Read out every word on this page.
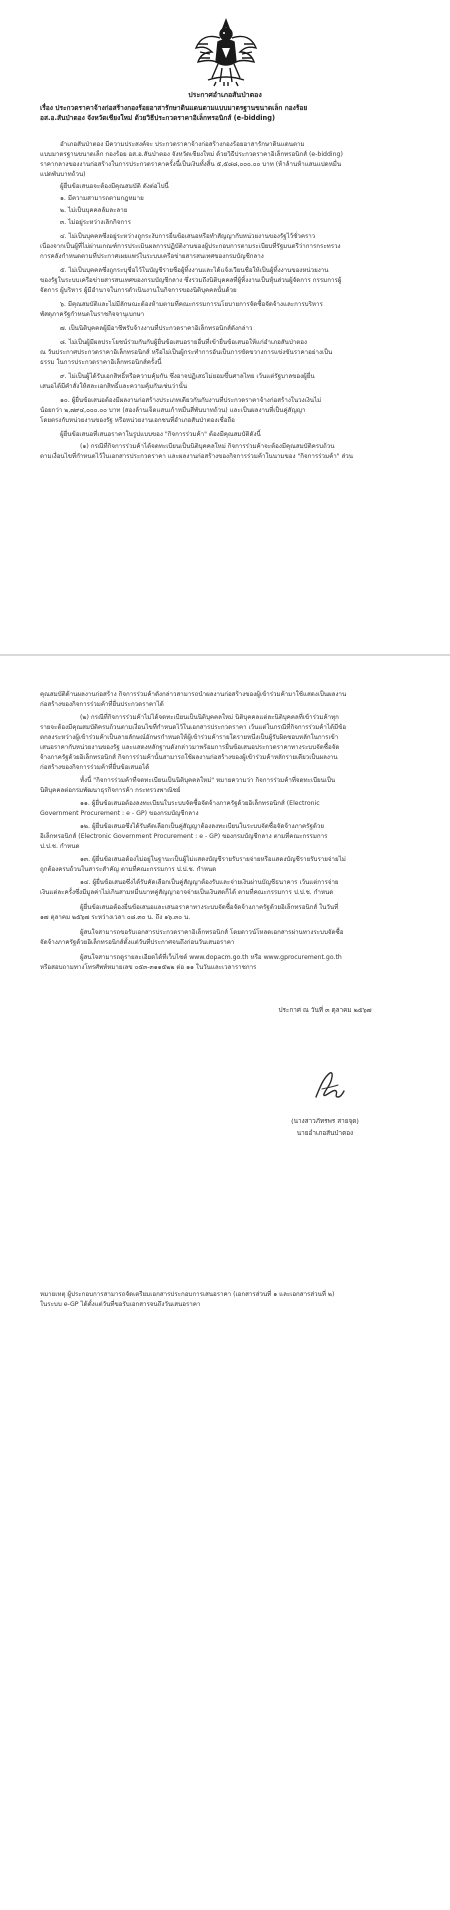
ประกาศอำเภอสันป่าตอง
เรื่อง ประกวดราคาจ้างก่อสร้างกองร้อยอาสารักษาดินแดนตามแบบมาตรฐานขนาดเล็ก กองร้อย
อส.อ.สันป่าตอง จังหวัดเชียงใหม่ ด้วยวิธีประกวดราคาอิเล็กทรอนิกส์ (e-bidding)
อำเภอสันป่าตอง มีความประสงค์จะ ประกวดราคาจ้างก่อสร้างกองร้อยอาสารักษาดินแดนตาม
แบบมาตรฐานขนาดเล็ก กองร้อย อส.อ.สันป่าตอง จังหวัดเชียงใหม่ ด้วยวิธีประกวดราคาอิเล็กทรอนิกส์ (e-bidding)
ราคากลางของงานก่อสร้างในการประกวดราคาครั้งนี้เป็นเงินทั้งสิ้น ๕,๕๘๘,๐๐๐.๐๐ บาท (ห้าล้านห้าแสนแปดหมื่น
แปดพันบาทถ้วน)
ผู้ยื่นข้อเสนอจะต้องมีคุณสมบัติ ดังต่อไปนี้
๑. มีความสามารถตามกฎหมาย
๒. ไม่เป็นบุคคลล้มละลาย
๓. ไม่อยู่ระหว่างเลิกกิจการ
๔. ไม่เป็นบุคคลซึ่งอยู่ระหว่างถูกระงับการยื่นข้อเสนอหรือทำสัญญากับหน่วยงานของรัฐไว้ชั่วคราว
เนื่องจากเป็นผู้ที่ไม่ผ่านเกณฑ์การประเมินผลการปฏิบัติงานของผู้ประกอบการตามระเบียบที่รัฐมนตรีว่าการกระทรวง
การคลังกำหนดตามที่ประกาศเผยแพร่ในระบบเครือข่ายสารสนเทศของกรมบัญชีกลาง
๕. ไม่เป็นบุคคลซึ่งถูกระบุชื่อไว้ในบัญชีรายชื่อผู้ทิ้งงานและได้แจ้งเวียนชื่อให้เป็นผู้ทิ้งงานของหน่วยงาน
ของรัฐในระบบเครือข่ายสารสนเทศของกรมบัญชีกลาง ซึ่งรวมถึงนิติบุคคลที่ผู้ทิ้งงานเป็นหุ้นส่วนผู้จัดการ กรรมการผู้
จัดการ ผู้บริหาร ผู้มีอำนาจในการดำเนินงานในกิจการของนิติบุคคลนั้นด้วย
๖. มีคุณสมบัติและไม่มีลักษณะต้องห้ามตามที่คณะกรรมการนโยบายการจัดซื้อจัดจ้างและการบริหาร
พัสดุภาครัฐกำหนดในราชกิจจานุเบกษา
๗. เป็นนิติบุคคลผู้มีอาชีพรับจ้างงานที่ประกวดราคาอิเล็กทรอนิกส์ดังกล่าว
๘. ไม่เป็นผู้มีผลประโยชน์ร่วมกันกับผู้ยื่นข้อเสนอรายอื่นที่เข้ายื่นข้อเสนอให้แก่อำเภอสันป่าตอง
ณ วันประกาศประกวดราคาอิเล็กทรอนิกส์ หรือไม่เป็นผู้กระทำการอันเป็นการขัดขวางการแข่งขันราคาอย่างเป็น
ธรรม ในการประกวดราคาอิเล็กทรอนิกส์ครั้งนี้
๙. ไม่เป็นผู้ได้รับเอกสิทธิ์หรือความคุ้มกัน ซึ่งอาจปฏิเสธไม่ยอมขึ้นศาลไทย เว้นแต่รัฐบาลของผู้ยื่น
เสนอได้มีคำสั่งให้สละเอกสิทธิ์และความคุ้มกันเช่นว่านั้น
๑๐. ผู้ยื่นข้อเสนอต้องมีผลงานก่อสร้างประเภทเดียวกันกับงานที่ประกวดราคาจ้างก่อสร้างในวงเงินไม่
น้อยกว่า ๒,๗๙๔,๐๐๐.๐๐ บาท (สองล้านเจ็ดแสนเก้าหมื่นสี่พันบาทถ้วน) และเป็นผลงานที่เป็นคู่สัญญา
โดยตรงกับหน่วยงานของรัฐ หรือหน่วยงานเอกชนที่อำเภอสันป่าตองเชื่อถือ
ผู้ยื่นข้อเสนอที่เสนอราคาในรูปแบบของ "กิจการร่วมค้า" ต้องมีคุณสมบัติดังนี้
(๑) กรณีที่กิจการร่วมค้าได้จดทะเบียนเป็นนิติบุคคลใหม่ กิจการร่วมค้าจะต้องมีคุณสมบัติครบถ้วน
ตามเงื่อนไขที่กำหนดไว้ในเอกสารประกวดราคา และผลงานก่อสร้างของกิจการร่วมค้าในนามของ "กิจการร่วมค้า" ส่วน
คุณสมบัติด้านผลงานก่อสร้าง กิจการร่วมค้าดังกล่าวสามารถนำผลงานก่อสร้างของผู้เข้าร่วมค้ามาใช้แสดงเป็นผลงาน
ก่อสร้างของกิจการร่วมค้าที่ยื่นประกวดราคาได้
(๒) กรณีที่กิจการร่วมค้าไม่ได้จดทะเบียนเป็นนิติบุคคลใหม่ นิติบุคคลแต่ละนิติบุคคลที่เข้าร่วมค้าทุก
รายจะต้องมีคุณสมบัติครบถ้วนตามเงื่อนไขที่กำหนดไว้ในเอกสารประกวดราคา เว้นแต่ในกรณีที่กิจการร่วมค้าได้มีข้อ
ตกลงระหว่างผู้เข้าร่วมค้าเป็นลายลักษณ์อักษรกำหนดให้ผู้เข้าร่วมค้ารายใดรายหนึ่งเป็นผู้รับผิดชอบหลักในการเข้า
เสนอราคากับหน่วยงานของรัฐ และแสดงหลักฐานดังกล่าวมาพร้อมการยื่นข้อเสนอประกวดราคาทางระบบจัดซื้อจัด
จ้างภาครัฐด้วยอิเล็กทรอนิกส์ กิจการร่วมค้านั้นสามารถใช้ผลงานก่อสร้างของผู้เข้าร่วมค้าหลักรายเดียวเป็นผลงาน
ก่อสร้างของกิจการร่วมค้าที่ยื่นข้อเสนอได้
ทั้งนี้ "กิจการร่วมค้าที่จดทะเบียนเป็นนิติบุคคลใหม่" หมายความว่า กิจการร่วมค้าที่จดทะเบียนเป็น
นิติบุคคลต่อกรมพัฒนาธุรกิจการค้า กระทรวงพาณิชย์
๑๑. ผู้ยื่นข้อเสนอต้องลงทะเบียนในระบบจัดซื้อจัดจ้างภาครัฐด้วยอิเล็กทรอนิกส์ (Electronic
Government Procurement : e - GP) ของกรมบัญชีกลาง
๑๒. ผู้ยื่นข้อเสนอซึ่งได้รับคัดเลือกเป็นคู่สัญญาต้องลงทะเบียนในระบบจัดซื้อจัดจ้างภาครัฐด้วย
อิเล็กทรอนิกส์ (Electronic Government Procurement : e - GP) ของกรมบัญชีกลาง ตามที่คณะกรรมการ
ป.ป.ช. กำหนด
๑๓. ผู้ยื่นข้อเสนอต้องไม่อยู่ในฐานะเป็นผู้ไม่แสดงบัญชีรายรับรายจ่ายหรือแสดงบัญชีรายรับรายจ่ายไม่
ถูกต้องครบถ้วนในสาระสำคัญ ตามที่คณะกรรมการ ป.ป.ช. กำหนด
๑๔. ผู้ยื่นข้อเสนอซึ่งได้รับคัดเลือกเป็นคู่สัญญาต้องรับและจ่ายเงินผ่านบัญชีธนาคาร เว้นแต่การจ่าย
เงินแต่ละครั้งซึ่งมีมูลค่าไม่เกินสามหมื่นบาทคู่สัญญาอาจจ่ายเป็นเงินสดก็ได้ ตามที่คณะกรรมการ ป.ป.ช. กำหนด
ผู้ยื่นข้อเสนอต้องยื่นข้อเสนอและเสนอราคาทางระบบจัดซื้อจัดจ้างภาครัฐด้วยอิเล็กทรอนิกส์ ในวันที่
๑๗ ตุลาคม ๒๕๖๗ ระหว่างเวลา ๐๘.๓๐ น. ถึง ๑๖.๓๐ น.
ผู้สนใจสามารถขอรับเอกสารประกวดราคาอิเล็กทรอนิกส์ โดยดาวน์โหลดเอกสารผ่านทางระบบจัดซื้อ
จัดจ้างภาครัฐด้วยอิเล็กทรอนิกส์ตั้งแต่วันที่ประกาศจนถึงก่อนวันเสนอราคา
ผู้สนใจสามารถดูรายละเอียดได้ที่เว็บไซต์ www.dopacm.go.th หรือ www.gprocurement.go.th
หรือสอบถามทางโทรศัพท์หมายเลข ๐๕๓-๓๑๑๕๒๒ ต่อ ๑๑ ในวันและเวลาราชการ
ประกาศ ณ วันที่ ๓ ตุลาคม ๒๕๖๗
(นางสาวภัทรพร สายจุด)
นายอำเภอสันป่าตอง
หมายเหตุ ผู้ประกอบการสามารถจัดเตรียมเอกสารประกอบการเสนอราคา (เอกสารส่วนที่ ๑ และเอกสารส่วนที่ ๒)
ในระบบ e-GP ได้ตั้งแต่วันที่ขอรับเอกสารจนถึงวันเสนอราคา
